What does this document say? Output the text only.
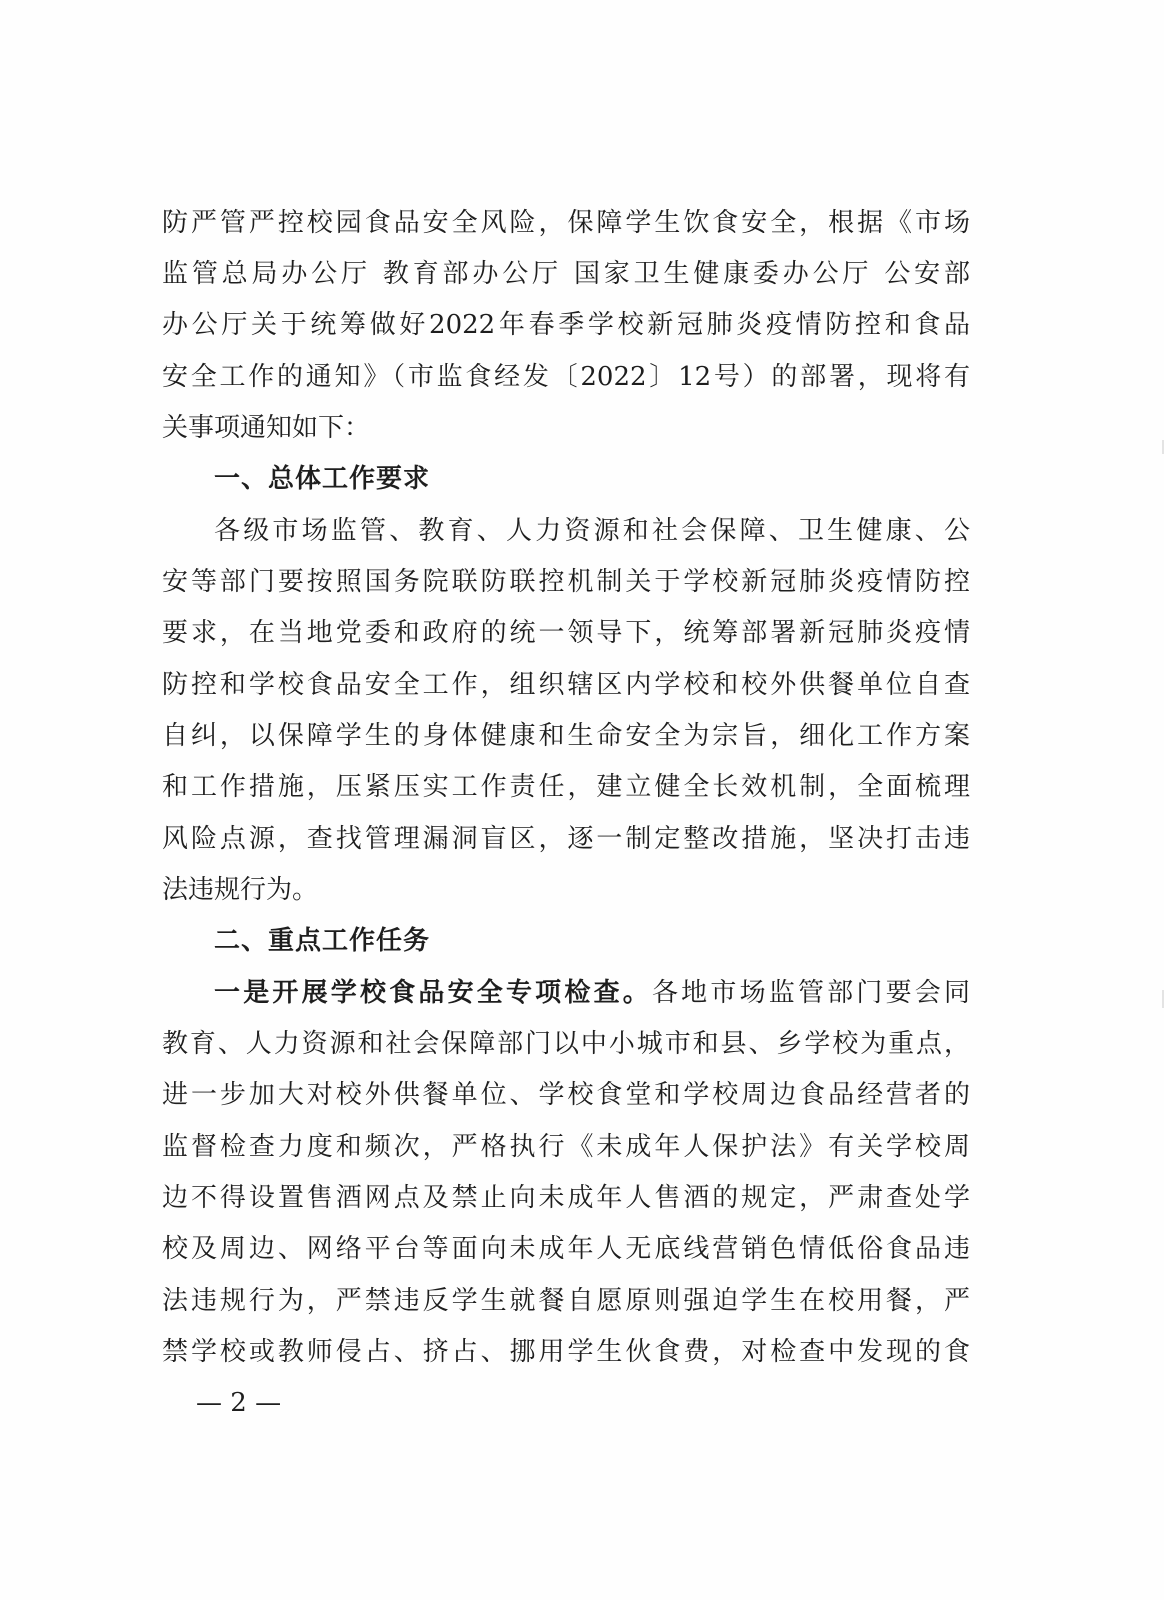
防严管严控校园食品安全风险，保障学生饮食安全，根据《市场
监管总局办公厅 教育部办公厅 国家卫生健康委办公厅 公安部
办公厅关于统筹做好2022年春季学校新冠肺炎疫情防控和食品
安全工作的通知》（市监食经发〔2022〕12号）的部署，现将有
关事项通知如下：
一、总体工作要求
各级市场监管、教育、人力资源和社会保障、卫生健康、公
安等部门要按照国务院联防联控机制关于学校新冠肺炎疫情防控
要求，在当地党委和政府的统一领导下，统筹部署新冠肺炎疫情
防控和学校食品安全工作，组织辖区内学校和校外供餐单位自查
自纠，以保障学生的身体健康和生命安全为宗旨，细化工作方案
和工作措施，压紧压实工作责任，建立健全长效机制，全面梳理
风险点源，查找管理漏洞盲区，逐一制定整改措施，坚决打击违
法违规行为。
二、重点工作任务
一是开展学校食品安全专项检查。各地市场监管部门要会同
教育、人力资源和社会保障部门以中小城市和县、乡学校为重点，
进一步加大对校外供餐单位、学校食堂和学校周边食品经营者的
监督检查力度和频次，严格执行《未成年人保护法》有关学校周
边不得设置售酒网点及禁止向未成年人售酒的规定，严肃查处学
校及周边、网络平台等面向未成年人无底线营销色情低俗食品违
法违规行为，严禁违反学生就餐自愿原则强迫学生在校用餐，严
禁学校或教师侵占、挤占、挪用学生伙食费，对检查中发现的食
— 2 —
